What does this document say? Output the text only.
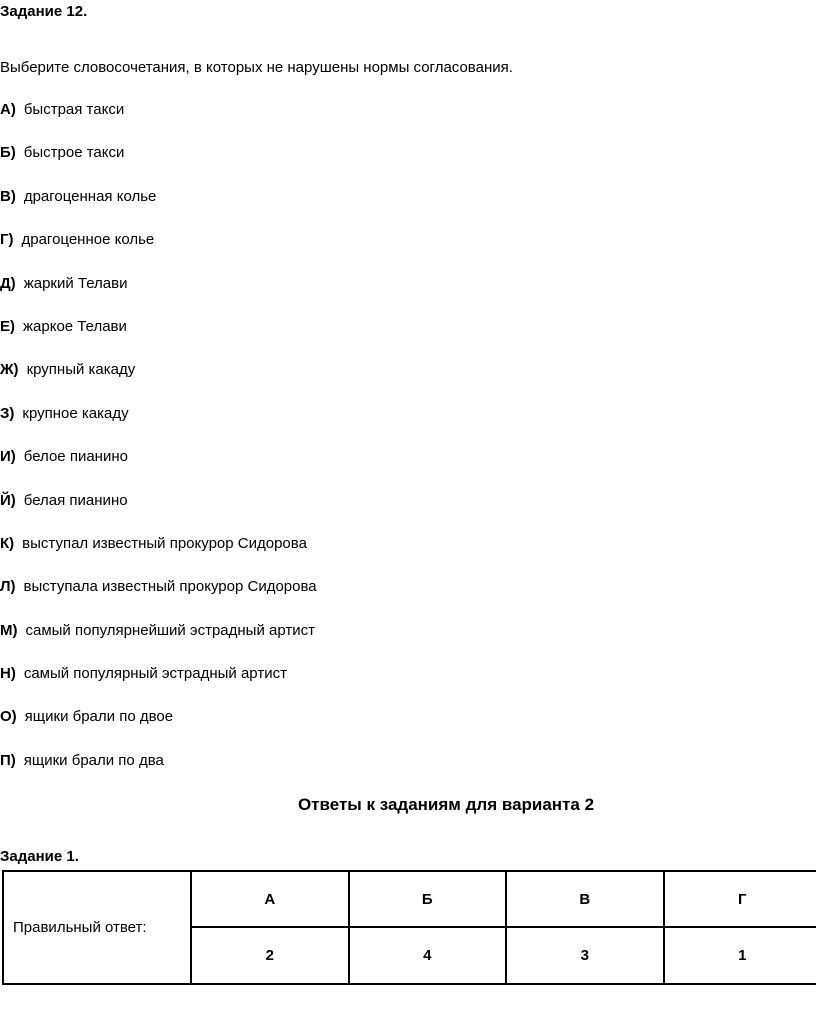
Задание 12.
Выберите словосочетания, в которых не нарушены нормы согласования.
А) быстрая такси
Б) быстрое такси
В) драгоценная колье
Г) драгоценное колье
Д) жаркий Телави
Е) жаркое Телави
Ж) крупный какаду
З) крупное какаду
И) белое пианино
Й) белая пианино
К) выступал известный прокурор Сидорова
Л) выступала известный прокурор Сидорова
М) самый популярнейший эстрадный артист
Н) самый популярный эстрадный артист
О) ящики брали по двое
П) ящики брали по два
Ответы к заданиям для варианта 2
Задание 1.
Правильный ответ:	А	Б	В	Г
	2	4	3	1
